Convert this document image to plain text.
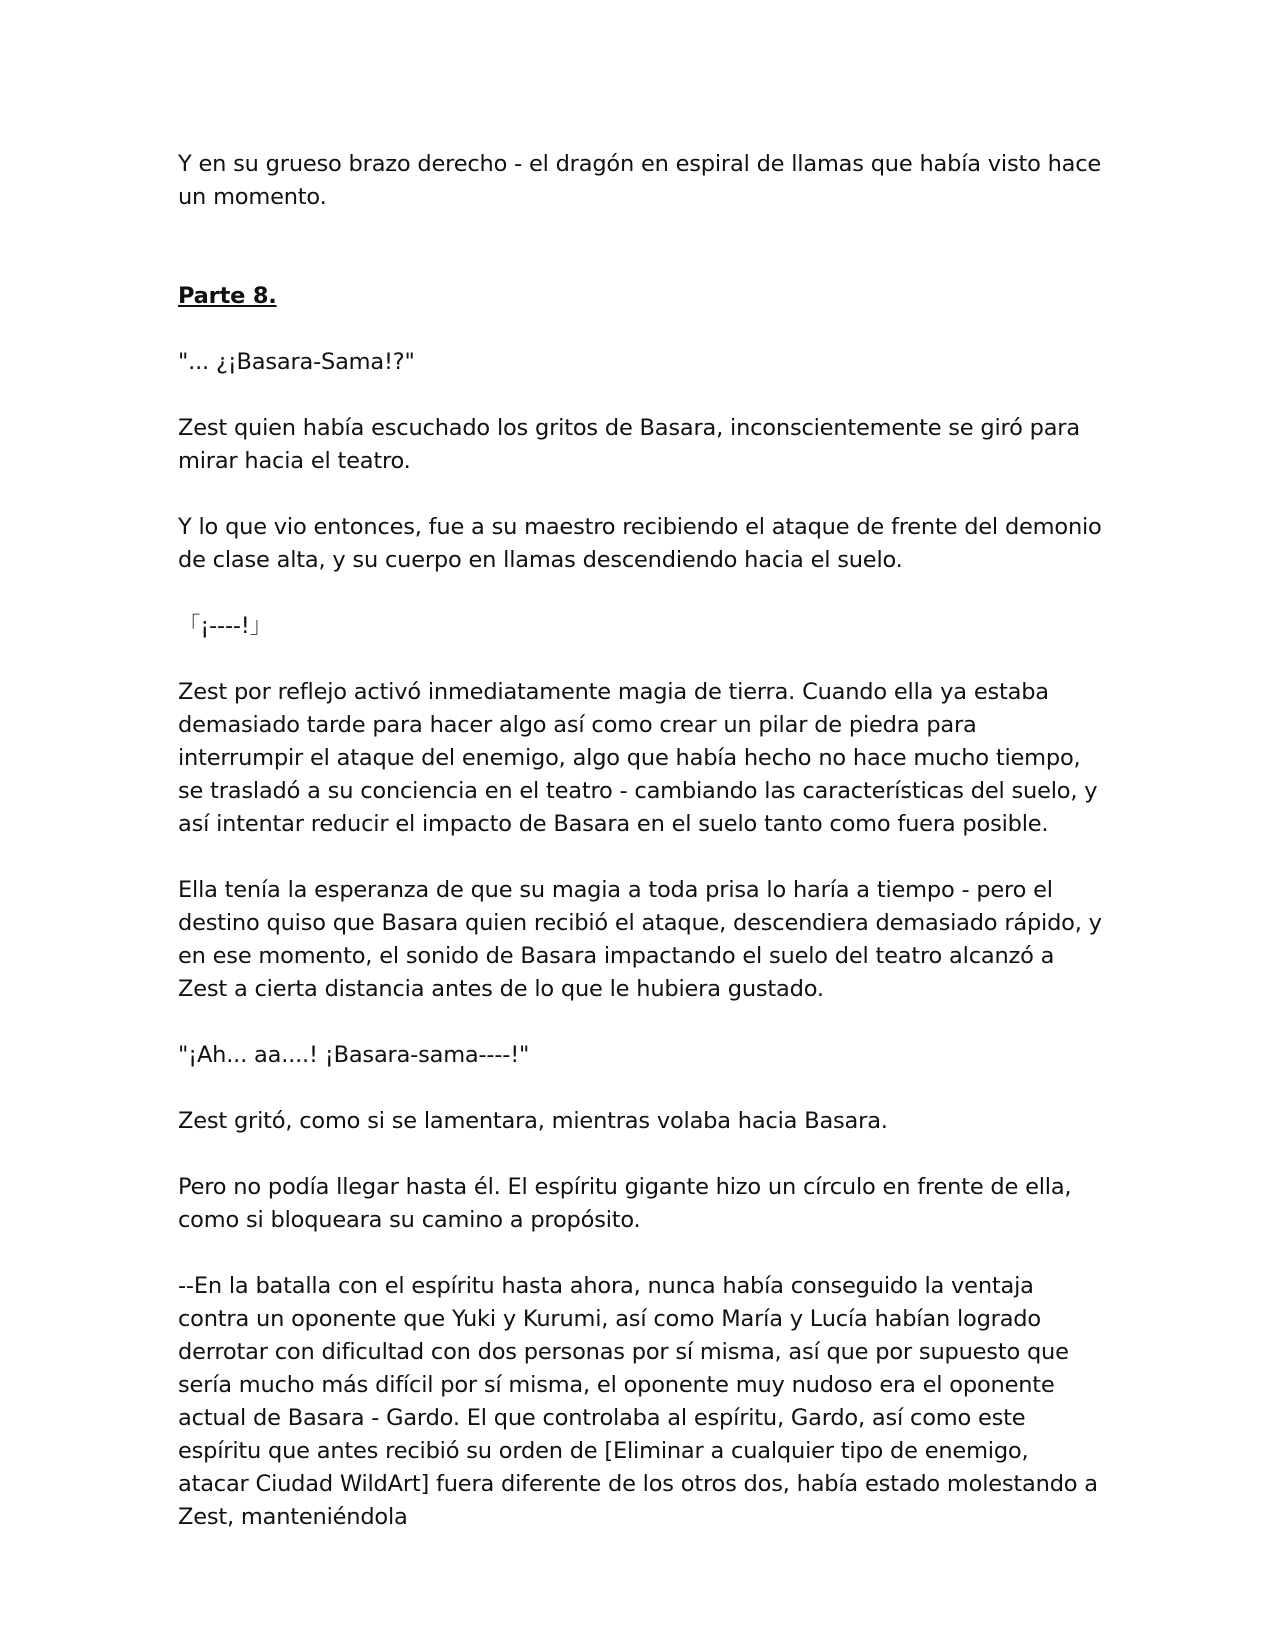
Y en su grueso brazo derecho - el dragón en espiral de llamas que había visto hace un momento.

Parte 8.

"... ¿¡Basara-Sama!?"

Zest quien había escuchado los gritos de Basara, inconscientemente se giró para mirar hacia el teatro.

Y lo que vio entonces, fue a su maestro recibiendo el ataque de frente del demonio de clase alta, y su cuerpo en llamas descendiendo hacia el suelo.

「¡----!」

Zest por reflejo activó inmediatamente magia de tierra. Cuando ella ya estaba demasiado tarde para hacer algo así como crear un pilar de piedra para interrumpir el ataque del enemigo, algo que había hecho no hace mucho tiempo, se trasladó a su conciencia en el teatro - cambiando las características del suelo, y así intentar reducir el impacto de Basara en el suelo tanto como fuera posible.

Ella tenía la esperanza de que su magia a toda prisa lo haría a tiempo - pero el destino quiso que Basara quien recibió el ataque, descendiera demasiado rápido, y en ese momento, el sonido de Basara impactando el suelo del teatro alcanzó a Zest a cierta distancia antes de lo que le hubiera gustado.

"¡Ah... aa....! ¡Basara-sama----!"

Zest gritó, como si se lamentara, mientras volaba hacia Basara.

Pero no podía llegar hasta él. El espíritu gigante hizo un círculo en frente de ella, como si bloqueara su camino a propósito.

--En la batalla con el espíritu hasta ahora, nunca había conseguido la ventaja contra un oponente que Yuki y Kurumi, así como María y Lucía habían logrado derrotar con dificultad con dos personas por sí misma, así que por supuesto que sería mucho más difícil por sí misma, el oponente muy nudoso era el oponente actual de Basara - Gardo. El que controlaba al espíritu, Gardo, así como este espíritu que antes recibió su orden de [Eliminar a cualquier tipo de enemigo, atacar Ciudad WildArt] fuera diferente de los otros dos, había estado molestando a Zest, manteniéndola
